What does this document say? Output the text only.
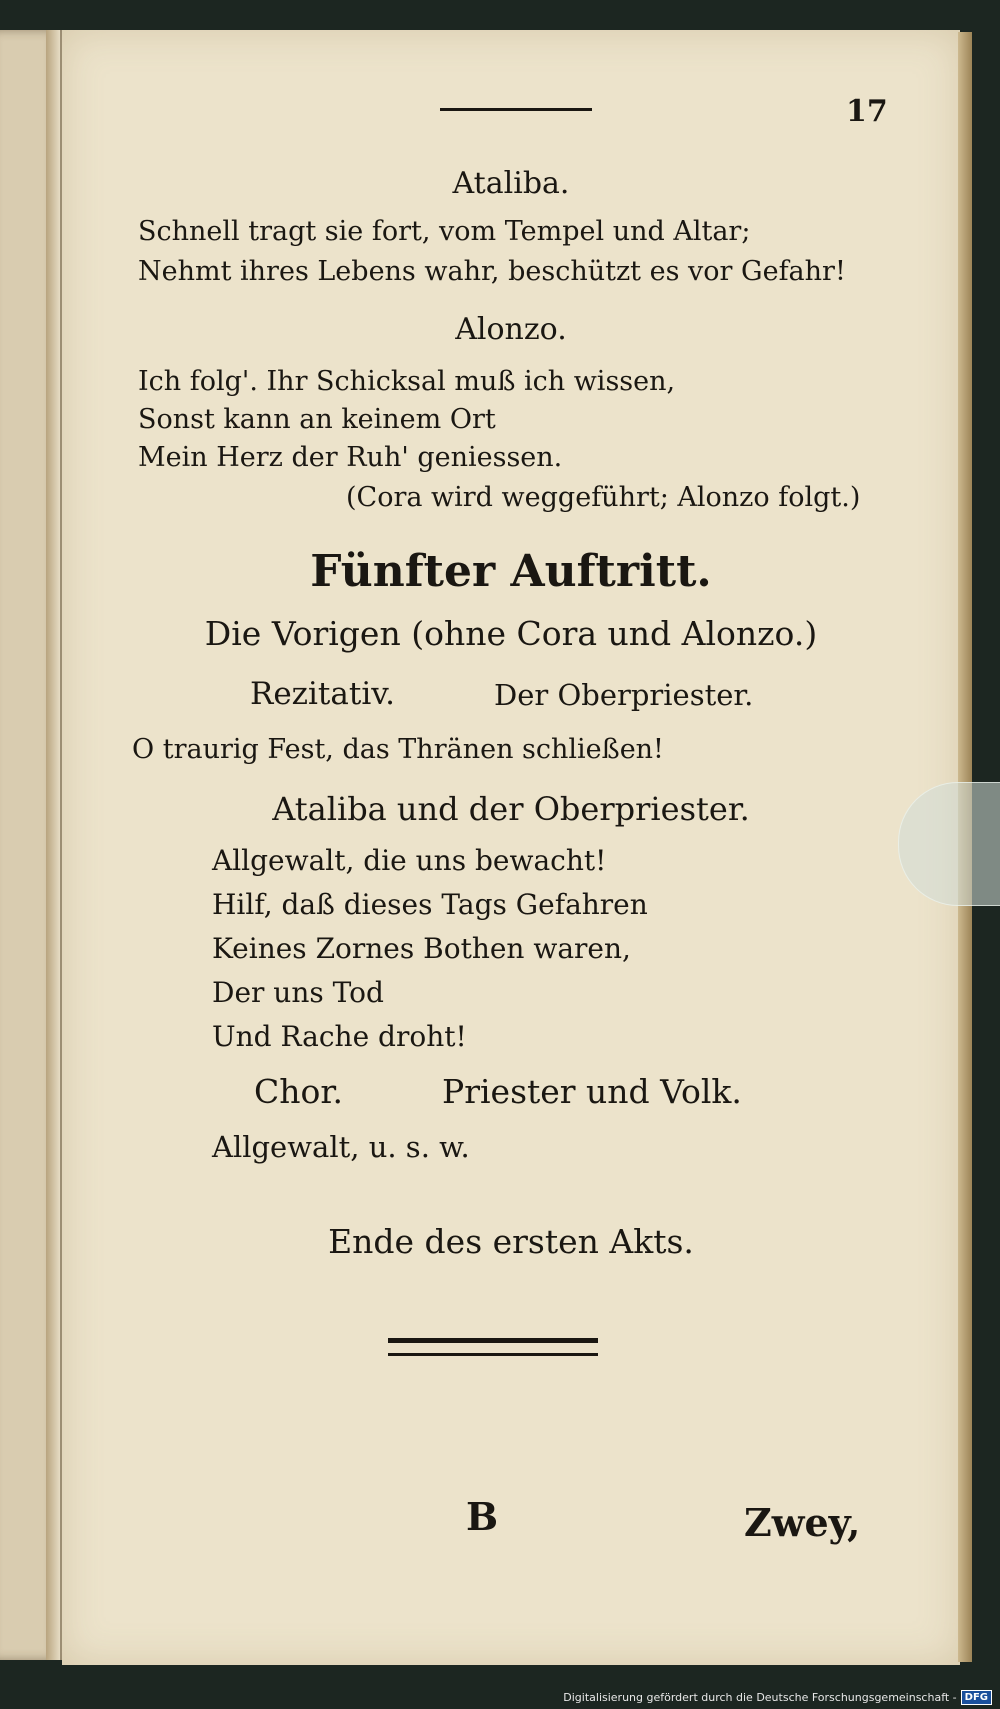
17
Ataliba.
Schnell tragt sie fort, vom Tempel und Altar;
Nehmt ihres Lebens wahr, beschützt es vor Gefahr!
Alonzo.
Ich folg'. Ihr Schicksal muß ich wissen,
Sonst kann an keinem Ort
Mein Herz der Ruh' geniessen.
(Cora wird weggeführt; Alonzo folgt.)
Fünfter Auftritt.
Die Vorigen (ohne Cora und Alonzo.)
Rezitativ.	Der Oberpriester.
O traurig Fest, das Thränen schließen!
Ataliba und der Oberpriester.
Allgewalt, die uns bewacht!
Hilf, daß dieses Tags Gefahren
Keines Zornes Bothen waren,
Der uns Tod
Und Rache droht!
Chor.	Priester und Volk.
Allgewalt, u. s. w.
Ende des ersten Akts.
B	Zwey,
Digitalisierung gefördert durch die Deutsche Forschungsgemeinschaft - DFG
